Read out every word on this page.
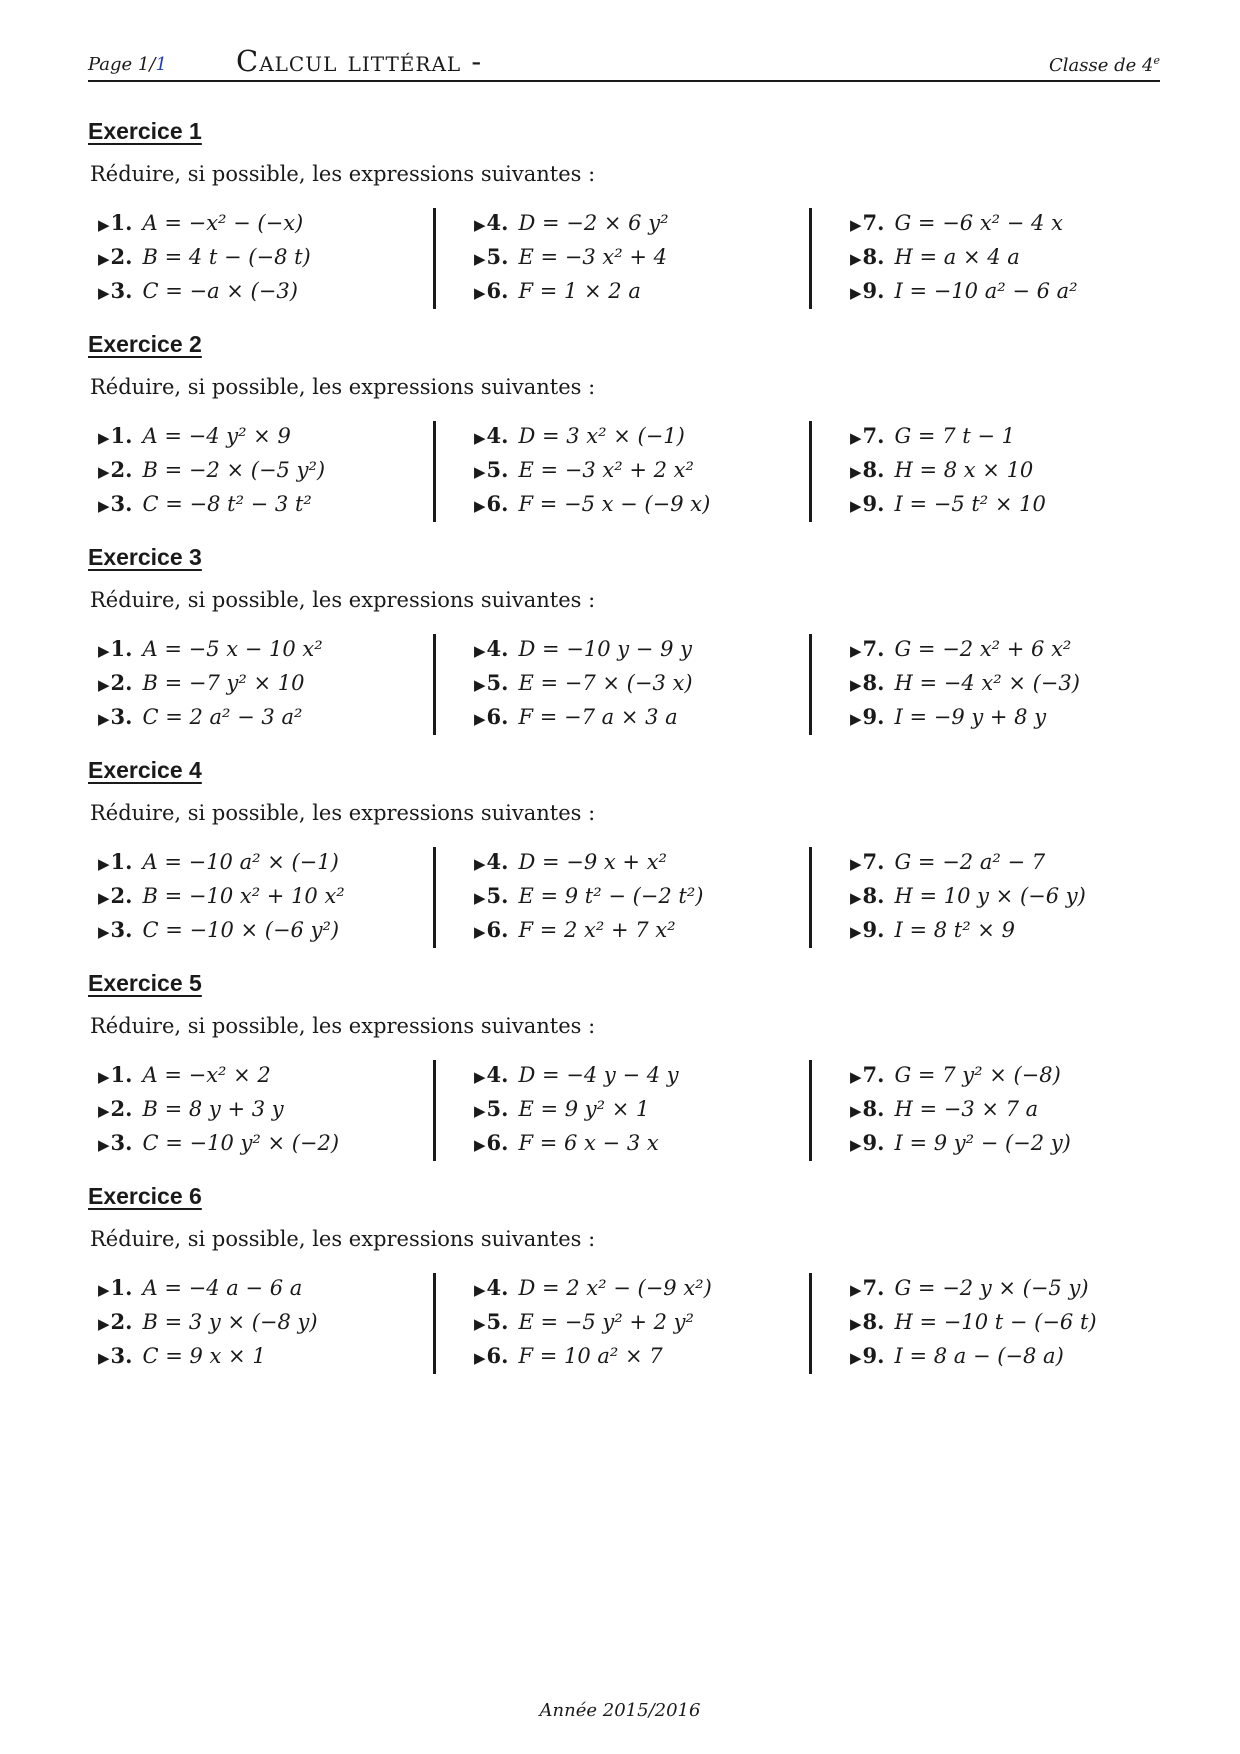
Page 1/1 Calcul littéral -	Classe de 4e
Exercice 1
Réduire, si possible, les expressions suivantes :
▶1. A = −x² − (−x)
▶2. B = 4 t − (−8 t)
▶3. C = −a × (−3)
▶4. D = −2 × 6 y²
▶5. E = −3 x² + 4
▶6. F = 1 × 2 a
▶7. G = −6 x² − 4 x
▶8. H = a × 4 a
▶9. I = −10 a² − 6 a²
Exercice 2
Réduire, si possible, les expressions suivantes :
▶1. A = −4 y² × 9
▶2. B = −2 × (−5 y²)
▶3. C = −8 t² − 3 t²
▶4. D = 3 x² × (−1)
▶5. E = −3 x² + 2 x²
▶6. F = −5 x − (−9 x)
▶7. G = 7 t − 1
▶8. H = 8 x × 10
▶9. I = −5 t² × 10
Exercice 3
Réduire, si possible, les expressions suivantes :
▶1. A = −5 x − 10 x²
▶2. B = −7 y² × 10
▶3. C = 2 a² − 3 a²
▶4. D = −10 y − 9 y
▶5. E = −7 × (−3 x)
▶6. F = −7 a × 3 a
▶7. G = −2 x² + 6 x²
▶8. H = −4 x² × (−3)
▶9. I = −9 y + 8 y
Exercice 4
Réduire, si possible, les expressions suivantes :
▶1. A = −10 a² × (−1)
▶2. B = −10 x² + 10 x²
▶3. C = −10 × (−6 y²)
▶4. D = −9 x + x²
▶5. E = 9 t² − (−2 t²)
▶6. F = 2 x² + 7 x²
▶7. G = −2 a² − 7
▶8. H = 10 y × (−6 y)
▶9. I = 8 t² × 9
Exercice 5
Réduire, si possible, les expressions suivantes :
▶1. A = −x² × 2
▶2. B = 8 y + 3 y
▶3. C = −10 y² × (−2)
▶4. D = −4 y − 4 y
▶5. E = 9 y² × 1
▶6. F = 6 x − 3 x
▶7. G = 7 y² × (−8)
▶8. H = −3 × 7 a
▶9. I = 9 y² − (−2 y)
Exercice 6
Réduire, si possible, les expressions suivantes :
▶1. A = −4 a − 6 a
▶2. B = 3 y × (−8 y)
▶3. C = 9 x × 1
▶4. D = 2 x² − (−9 x²)
▶5. E = −5 y² + 2 y²
▶6. F = 10 a² × 7
▶7. G = −2 y × (−5 y)
▶8. H = −10 t − (−6 t)
▶9. I = 8 a − (−8 a)
Année 2015/2016
